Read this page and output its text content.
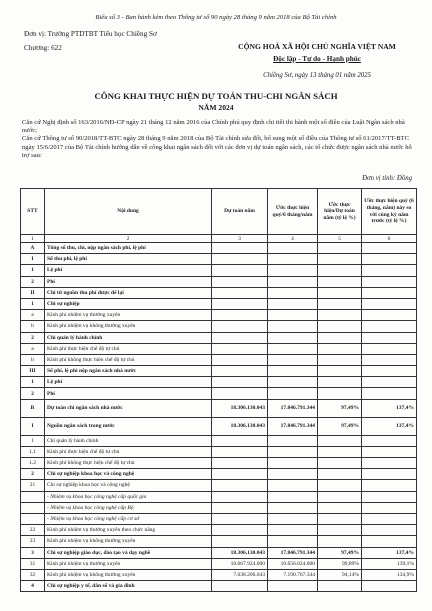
Biểu số 3 - Ban hành kèm theo Thông tư số 90 ngày 28 tháng 9 năm 2018 của Bộ Tài chính
Đơn vị: Trường PTDTBT Tiểu học Chiềng Sơ
Chương: 622	CỘNG HOÀ XÃ HỘI CHỦ NGHĨA VIỆT NAM
Độc lập - Tự do - Hạnh phúc
Chiềng Sơ, ngày 13 tháng 01 năm 2025
CÔNG KHAI THỰC HIỆN DỰ TOÁN THU-CHI NGÂN SÁCH
NĂM 2024

Căn cứ Nghị định số 163/2016/NĐ-CP ngày 21 tháng 12 năm 2016 của Chính phủ quy định chi tiết thi hành một số điều của Luật Ngân sách nhà nước;

Căn cứ Thông tư số 90/2018/TT-BTC ngày 28 tháng 9 năm 2018 của Bộ Tài chính sửa đổi, bổ sung một số điều của Thông tư số 61/2017/TT-BTC ngày 15/6/2017 của Bộ Tài chính hướng dẫn về công khai ngân sách đối với các đơn vị dự toán ngân sách, các tổ chức được ngân sách nhà nước hỗ trợ sau:

Đơn vị tính: Đồng
STT	Nội dung	Dự toán năm	Ước thực hiện quý/6 tháng/năm	Ước thực hiện/Dự toán năm (tỷ lệ %)	Ước thực hiện quý (6 tháng, năm) này so với cùng kỳ năm trước (tỷ lệ %)
1	2	3	4	5	6
A	Tổng số thu, chi, nộp ngân sách phí, lệ phí				
I	Số thu phí, lệ phí				
1	Lệ phí				
2	Phí				
II	Chi từ nguồn thu phí được để lại				
1	Chi sự nghiệp				
a	Kinh phí nhiệm vụ thường xuyên				
b	Kinh phí nhiệm vụ không thường xuyên				
2	Chi quản lý hành chính				
a	Kinh phí thực hiện chế độ tự chủ				
b	Kinh phí không thực hiện chế độ tự chủ				
III	Số phí, lệ phí nộp ngân sách nhà nước				
1	Lệ phí				
2	Phí				
B	Dự toán chi ngân sách nhà nước	18.306.130.043	17.846.791.344	97,49%	137,4%
I	Nguồn ngân sách trong nước	18.306.130.043	17.846.791.344	97,49%	137,4%
1	Chi quản lý hành chính				
1.1	Kinh phí thực hiện chế độ tự chủ				
1.2	Kinh phí không thực hiện chế độ tự chủ				
2	Chi sự nghiệp khoa học và công nghệ				
21	Chi sự nghiệp khoa học và công nghệ				
	- Nhiệm vụ khoa học công nghệ cấp quốc gia				
	- Nhiệm vụ khoa học công nghệ cấp Bộ				
	- Nhiệm vụ khoa học công nghệ cấp cơ sở				
22	Kinh phí nhiệm vụ thường xuyên theo chức năng				
23	Kinh phí nhiệm vụ không thường xuyên				
3	Chi sự nghiệp giáo dục, đào tạo và dạy nghề	18.306.130.043	17.846.791.344	97,49%	137,4%
31	Kinh phí nhiệm vụ thường xuyên	10.667.924.000	10.656.024.000	99,89%	139,1%
32	Kinh phí nhiệm vụ không thường xuyên	7.638.206.043	7.190.767.344	94,14%	134,9%
4	Chi sự nghiệp y tế, dân số và gia đình				
